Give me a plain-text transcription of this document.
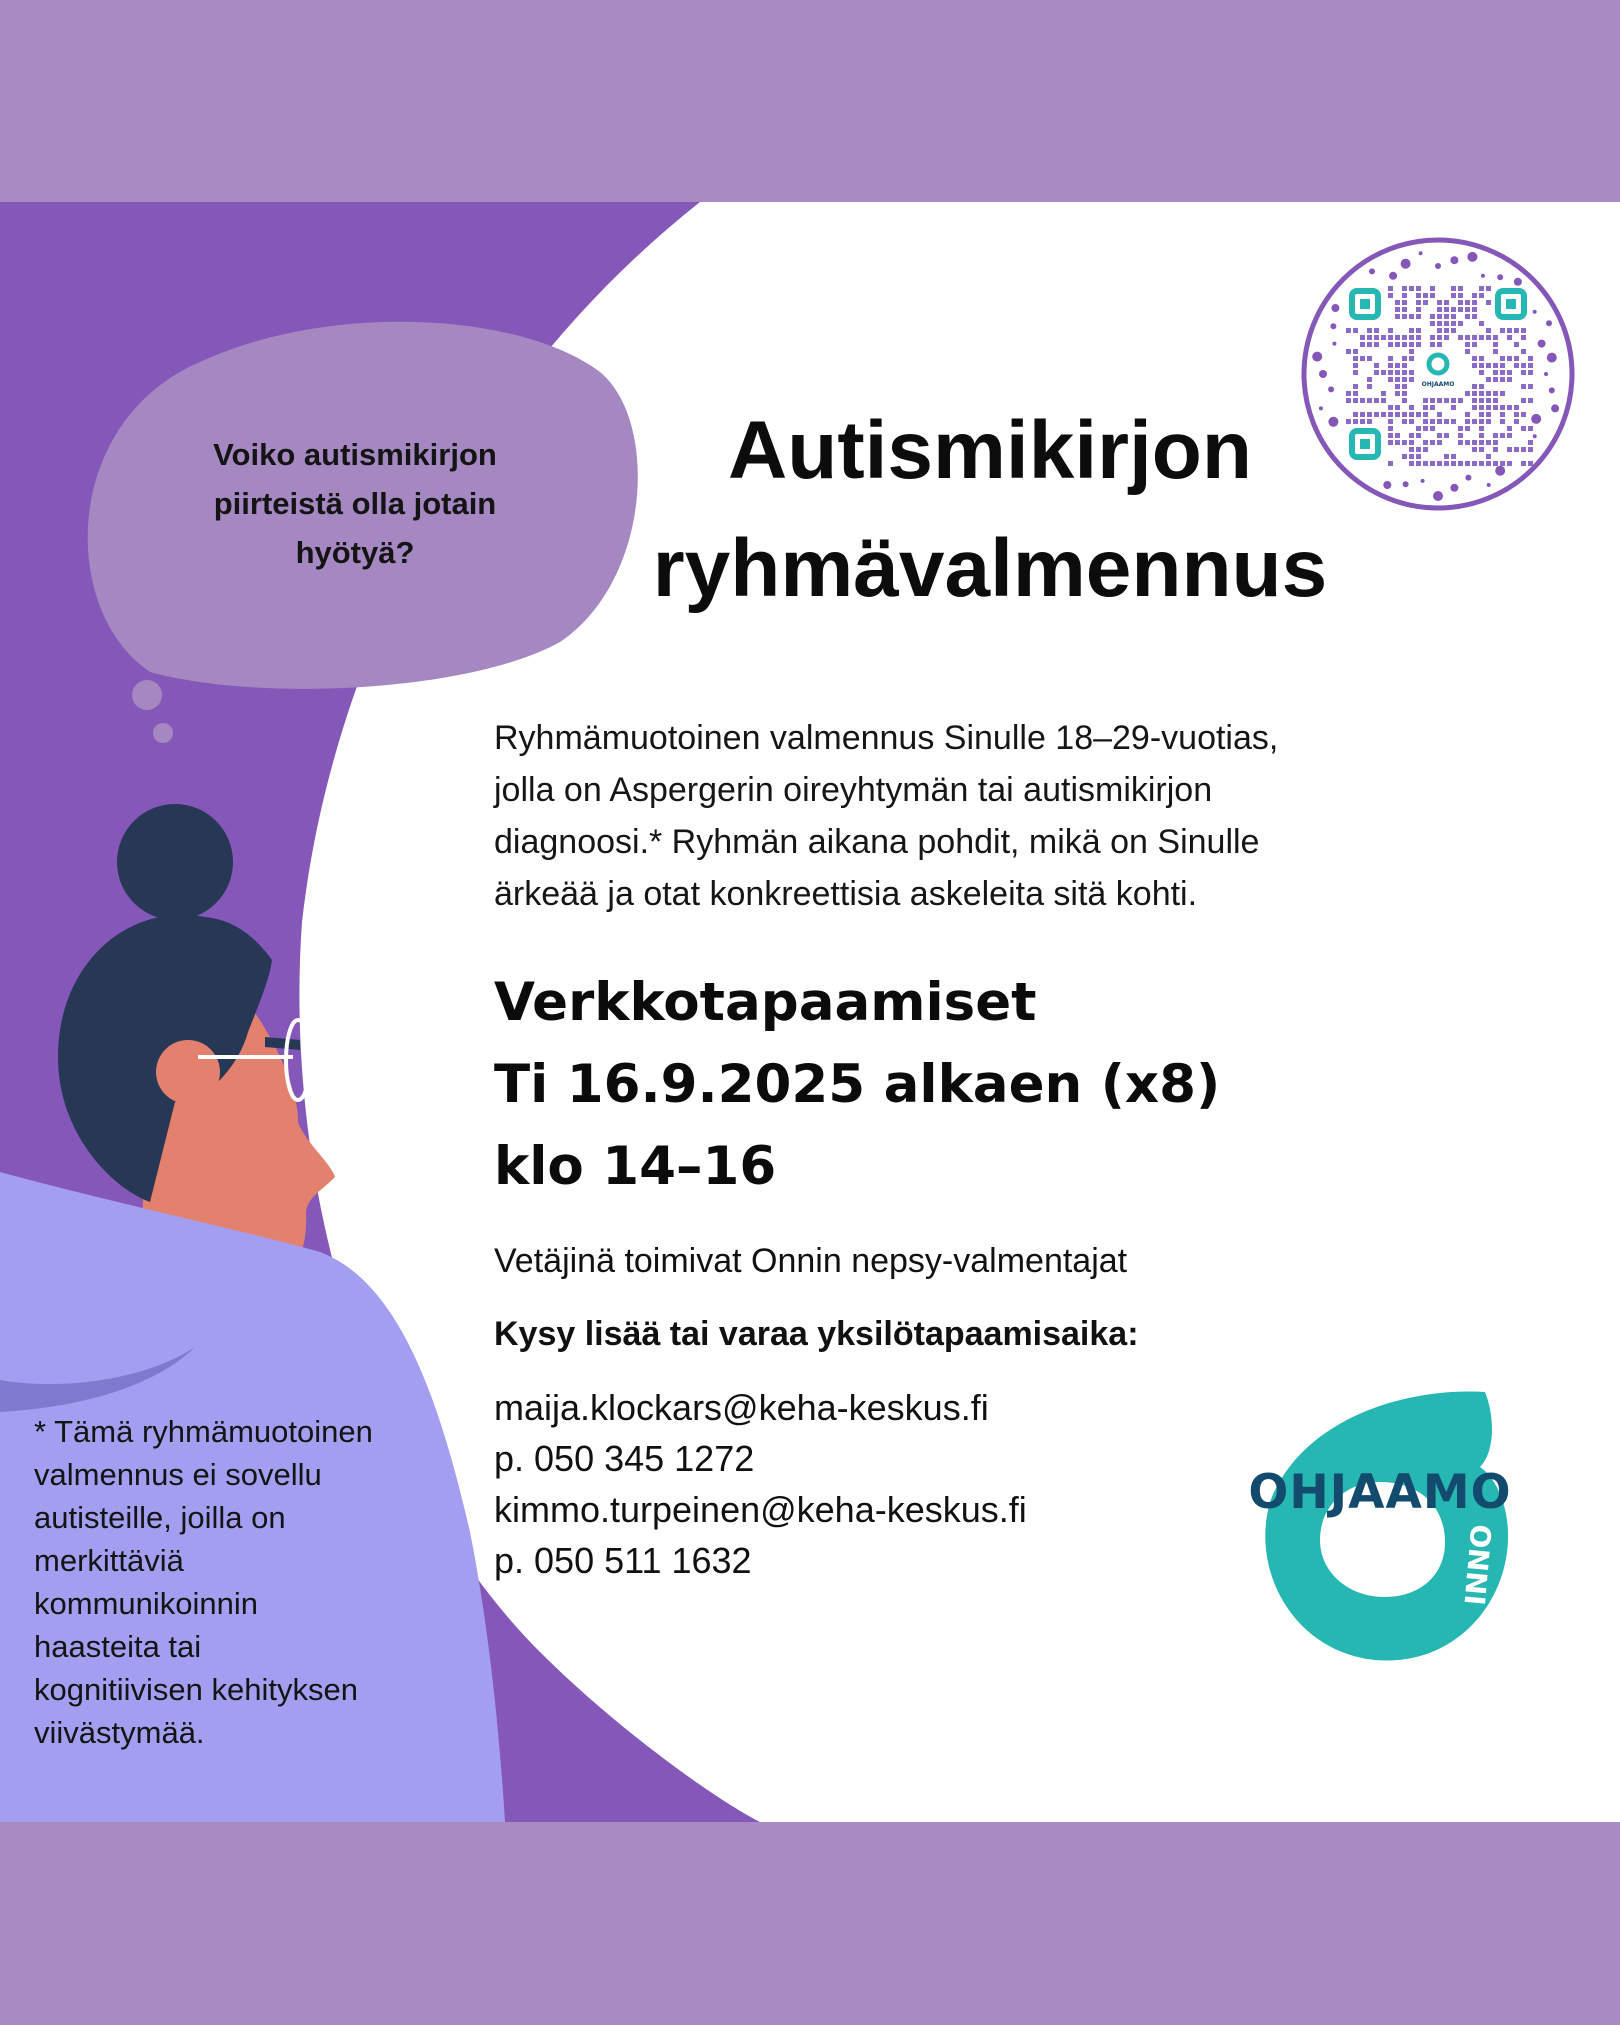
Voiko autismikirjon
piirteistä olla jotain
hyötyä?
Autismikirjon
ryhmävalmennus
Ryhmämuotoinen valmennus Sinulle 18–29-vuotias,
jolla on Aspergerin oireyhtymän tai autismikirjon
diagnoosi.* Ryhmän aikana pohdit, mikä on Sinulle
ärkeää ja otat konkreettisia askeleita sitä kohti.
Verkkotapaamiset
Ti 16.9.2025 alkaen (x8)
klo 14–16
Vetäjinä toimivat Onnin nepsy-valmentajat
Kysy lisää tai varaa yksilötapaamisaika:
maija.klockars@keha-keskus.fi
p. 050 345 1272
kimmo.turpeinen@keha-keskus.fi
p. 050 511 1632
* Tämä ryhmämuotoinen
valmennus ei sovellu
autisteille, joilla on
merkittäviä
kommunikoinnin
haasteita tai
kognitiivisen kehityksen
viivästymää.
OHJAAMO
ONNI
OHJAAMO
